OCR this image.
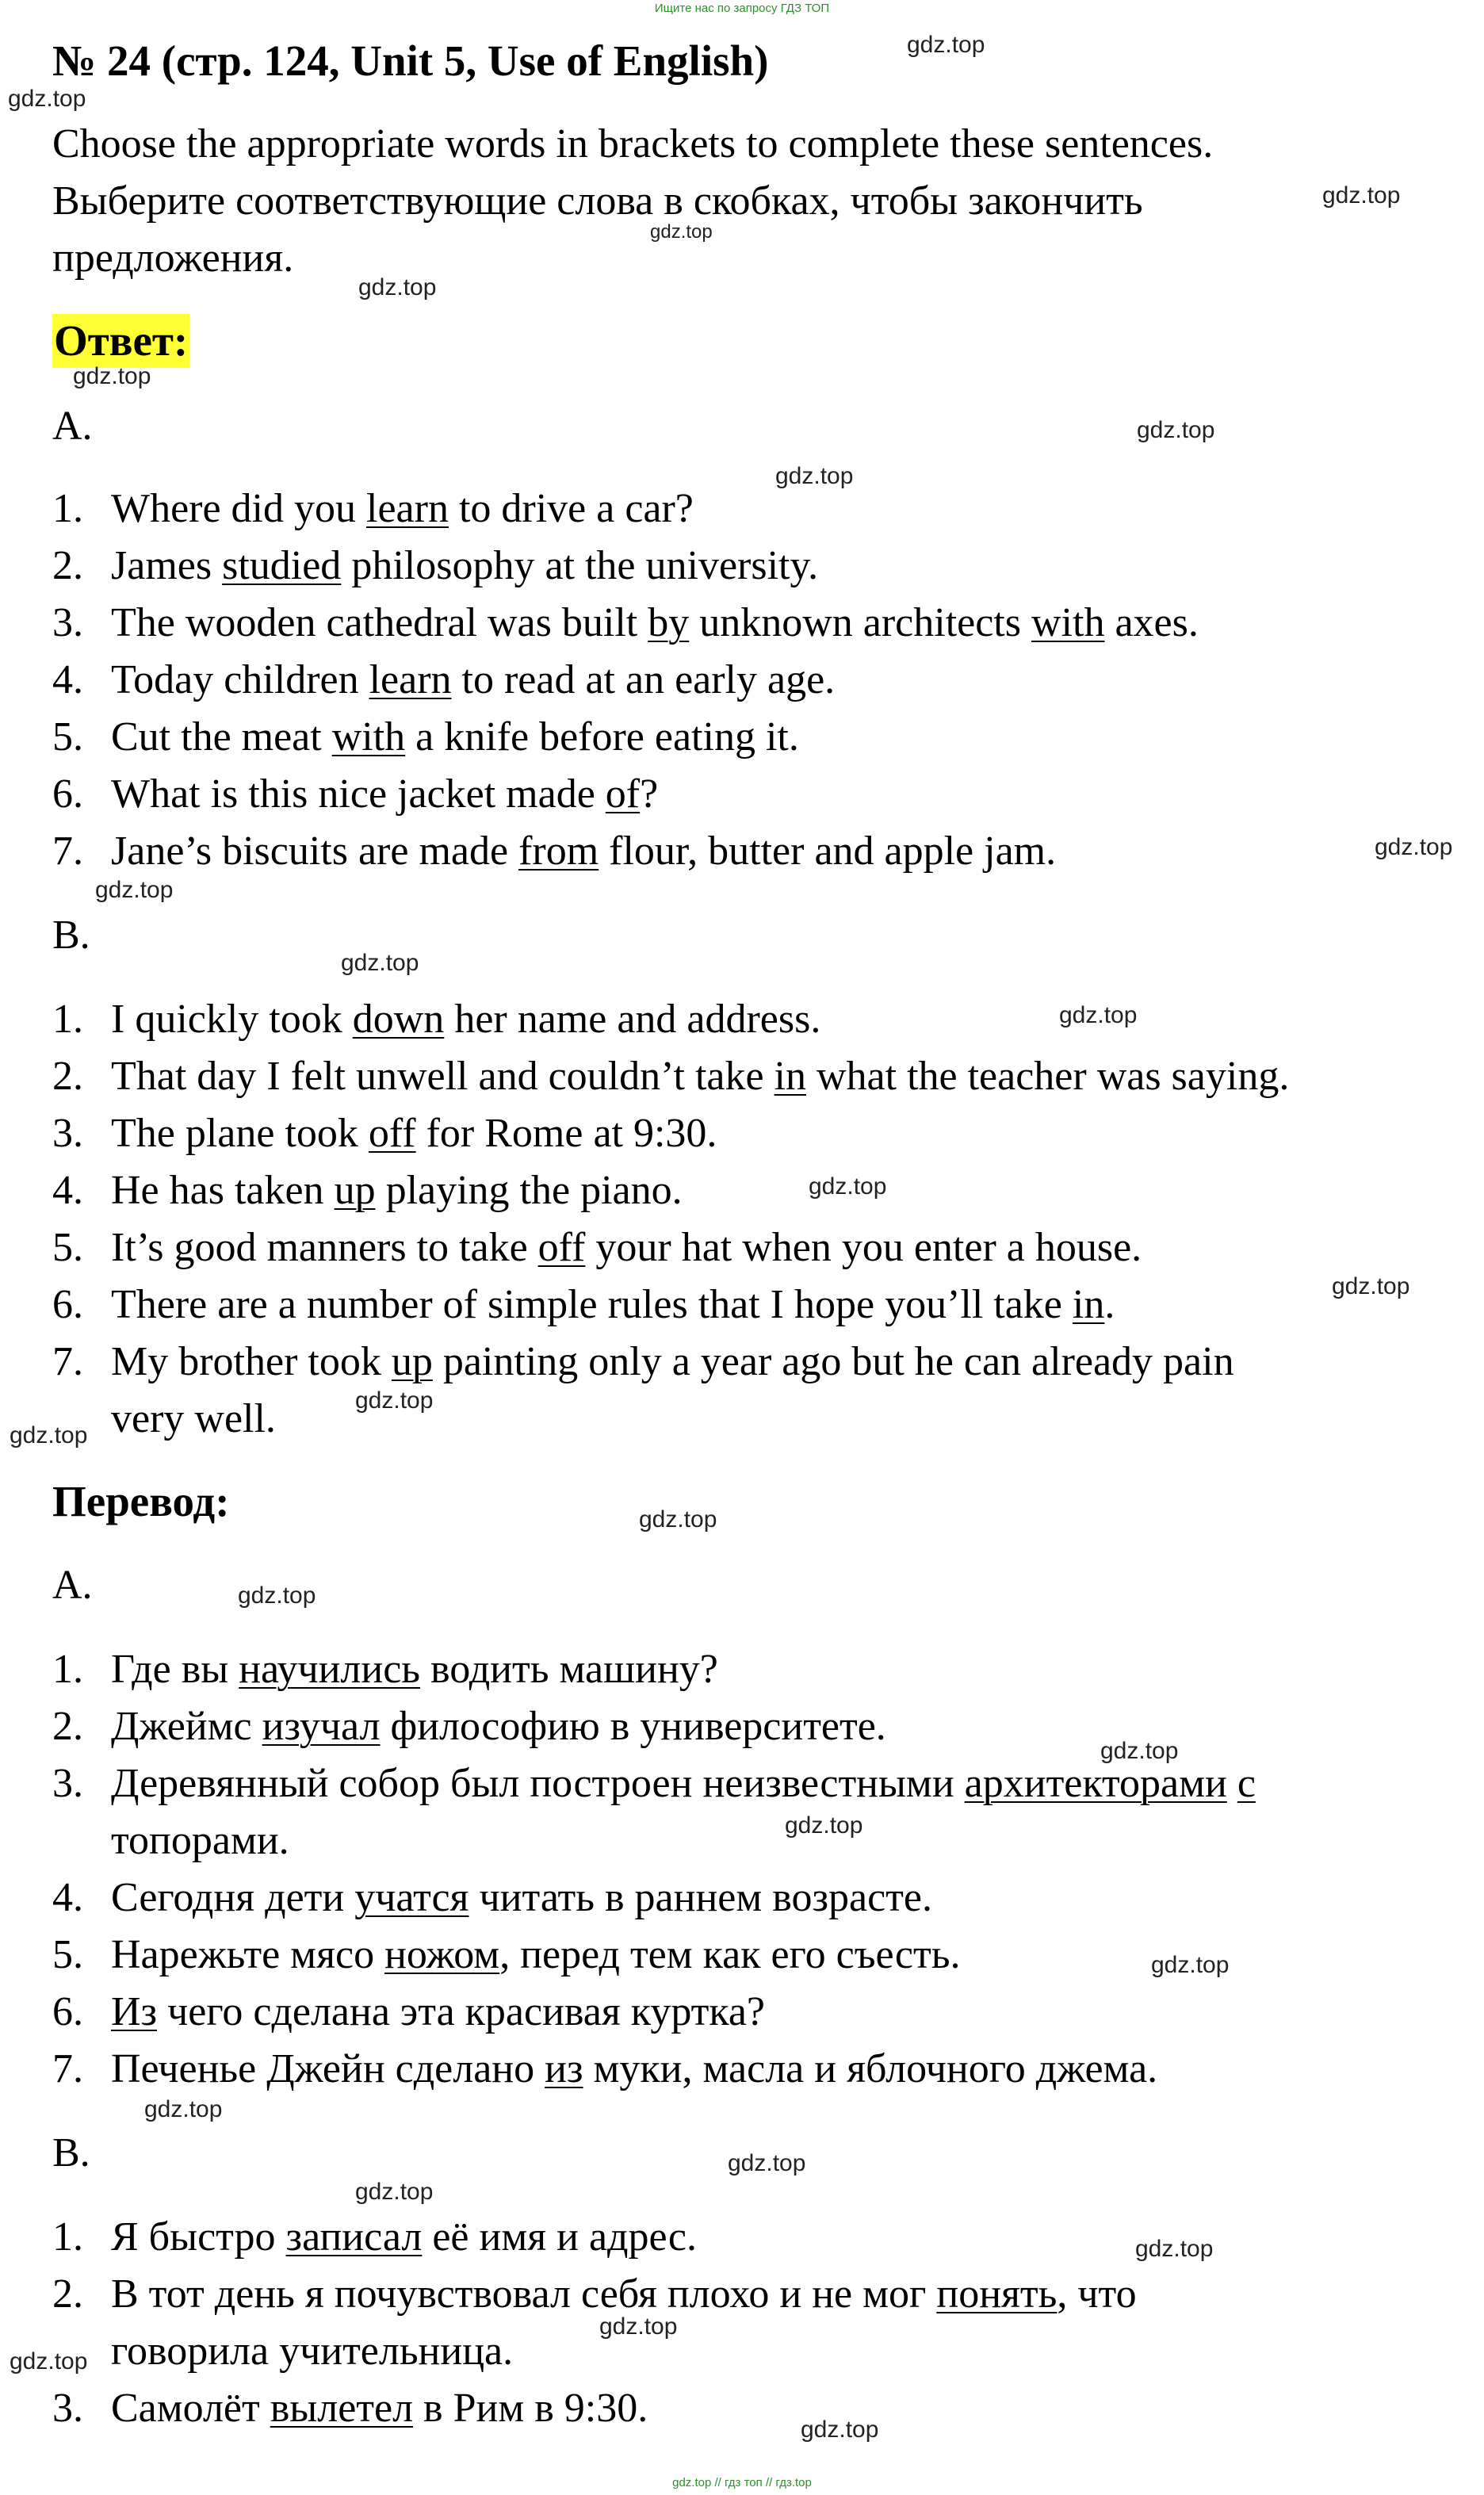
Ищите нас по запросу ГДЗ ТОП
№ 24 (стр. 124, Unit 5, Use of English)
Choose the appropriate words in brackets to complete these sentences.
Выберите соответствующие слова в скобках, чтобы закончить
предложения.
Ответ:
A.
1. Where did you learn to drive a car?
2. James studied philosophy at the university.
3. The wooden cathedral was built by unknown architects with axes.
4. Today children learn to read at an early age.
5. Cut the meat with a knife before eating it.
6. What is this nice jacket made of?
7. Jane’s biscuits are made from flour, butter and apple jam.
B.
1. I quickly took down her name and address.
2. That day I felt unwell and couldn’t take in what the teacher was saying.
3. The plane took off for Rome at 9:30.
4. He has taken up playing the piano.
5. It’s good manners to take off your hat when you enter a house.
6. There are a number of simple rules that I hope you’ll take in.
7. My brother took up painting only a year ago but he can already pain
very well.
Перевод:
A.
1. Где вы научились водить машину?
2. Джеймс изучал философию в университете.
3. Деревянный собор был построен неизвестными архитекторами с
топорами.
4. Сегодня дети учатся читать в раннем возрасте.
5. Нарежьте мясо ножом, перед тем как его съесть.
6. Из чего сделана эта красивая куртка?
7. Печенье Джейн сделано из муки, масла и яблочного джема.
B.
1. Я быстро записал её имя и адрес.
2. В тот день я почувствовал себя плохо и не мог понять, что
говорила учительница.
3. Самолёт вылетел в Рим в 9:30.
gdz.top
gdz.top
gdz.top
gdz.top
gdz.top
gdz.top
gdz.top
gdz.top
gdz.top
gdz.top
gdz.top
gdz.top
gdz.top
gdz.top
gdz.top
gdz.top
gdz.top
gdz.top
gdz.top
gdz.top
gdz.top
gdz.top
gdz.top
gdz.top
gdz.top
gdz.top
gdz.top
gdz.top
gdz.top // гдз топ // гдз.top
